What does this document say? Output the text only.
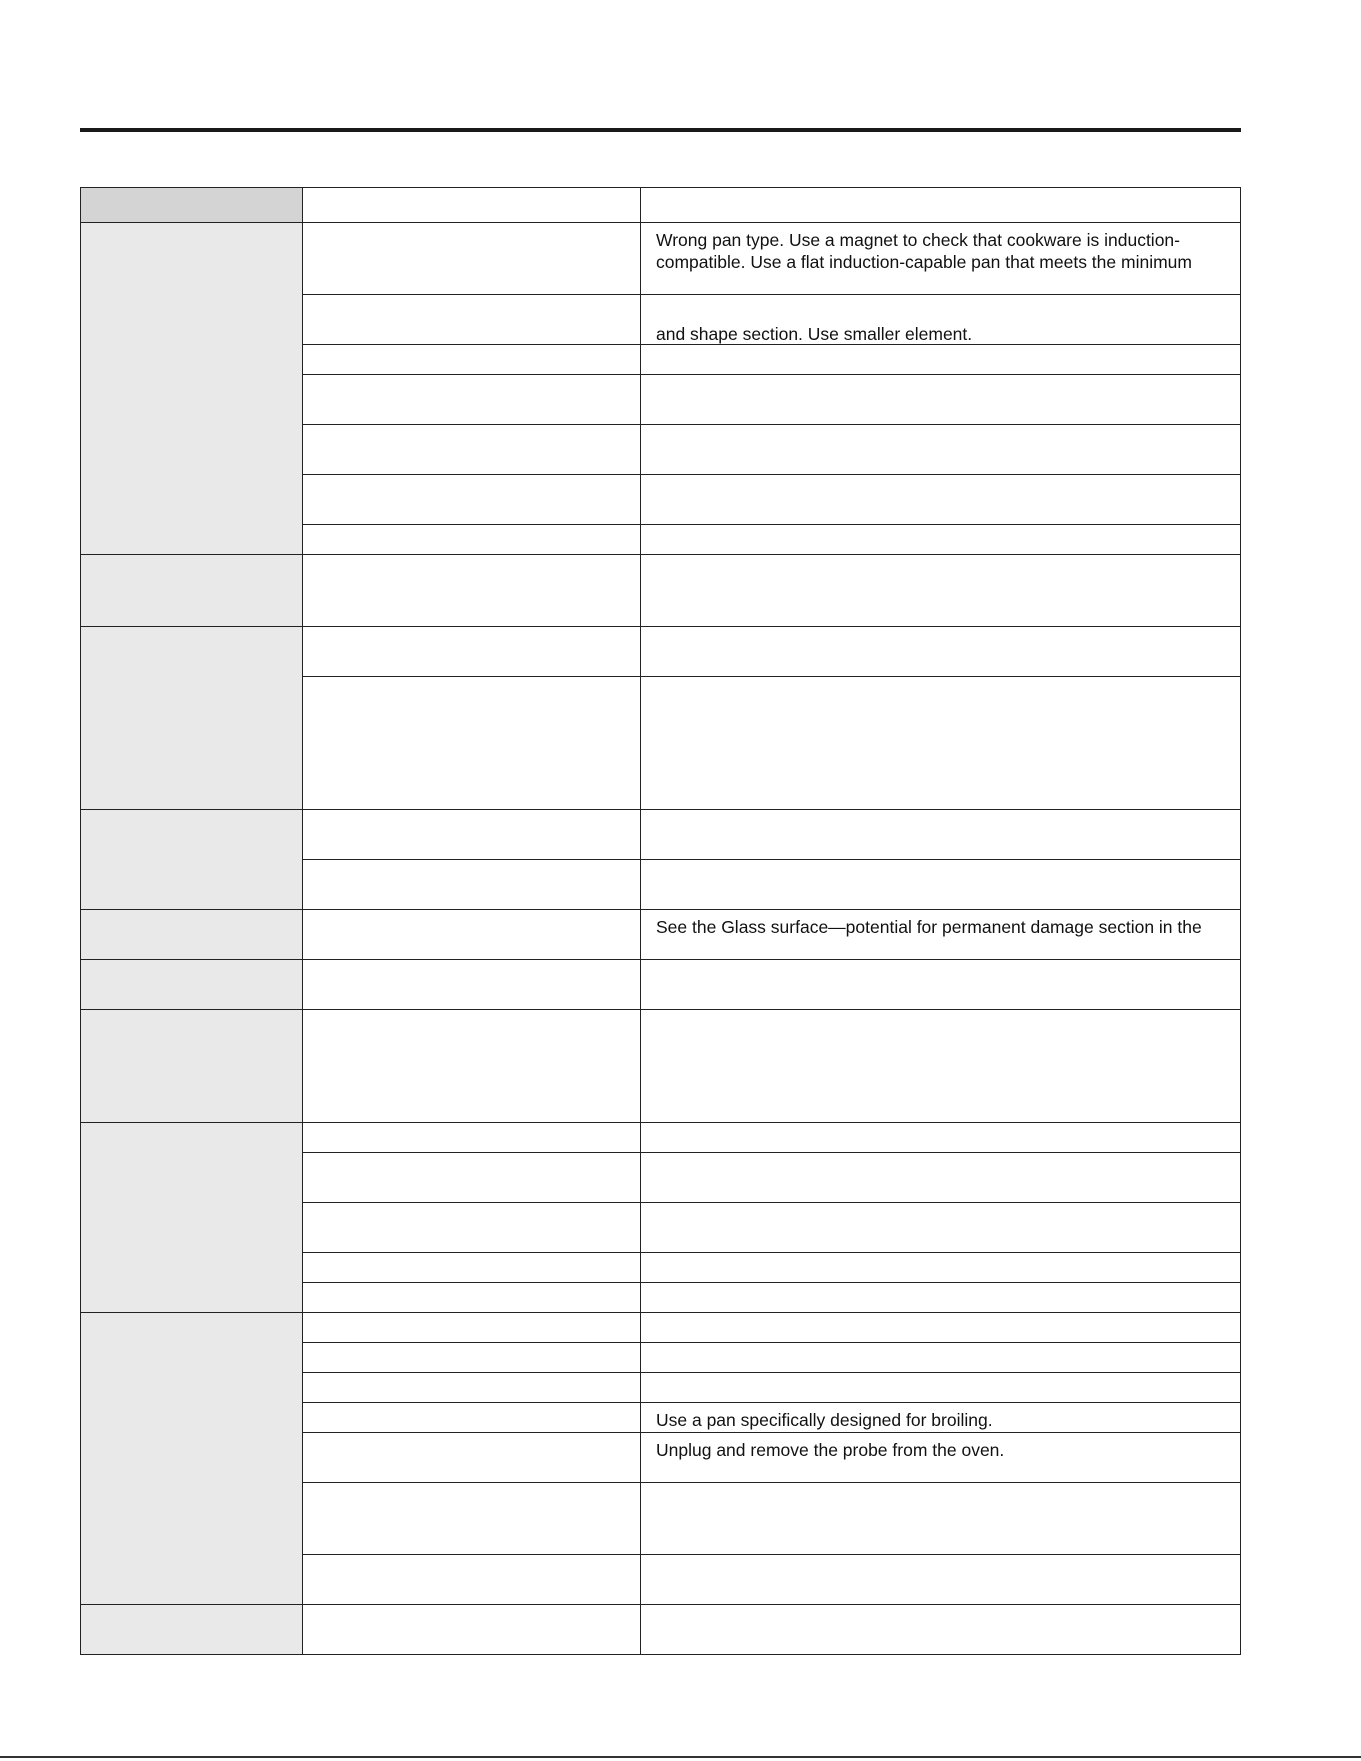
Wrong pan type. Use a magnet to check that cookware is induction-
compatible. Use a flat induction-capable pan that meets the minimum

and shape section. Use smaller element.
See the Glass surface—potential for permanent damage section in the
Use a pan specifically designed for broiling.
Unplug and remove the probe from the oven.
